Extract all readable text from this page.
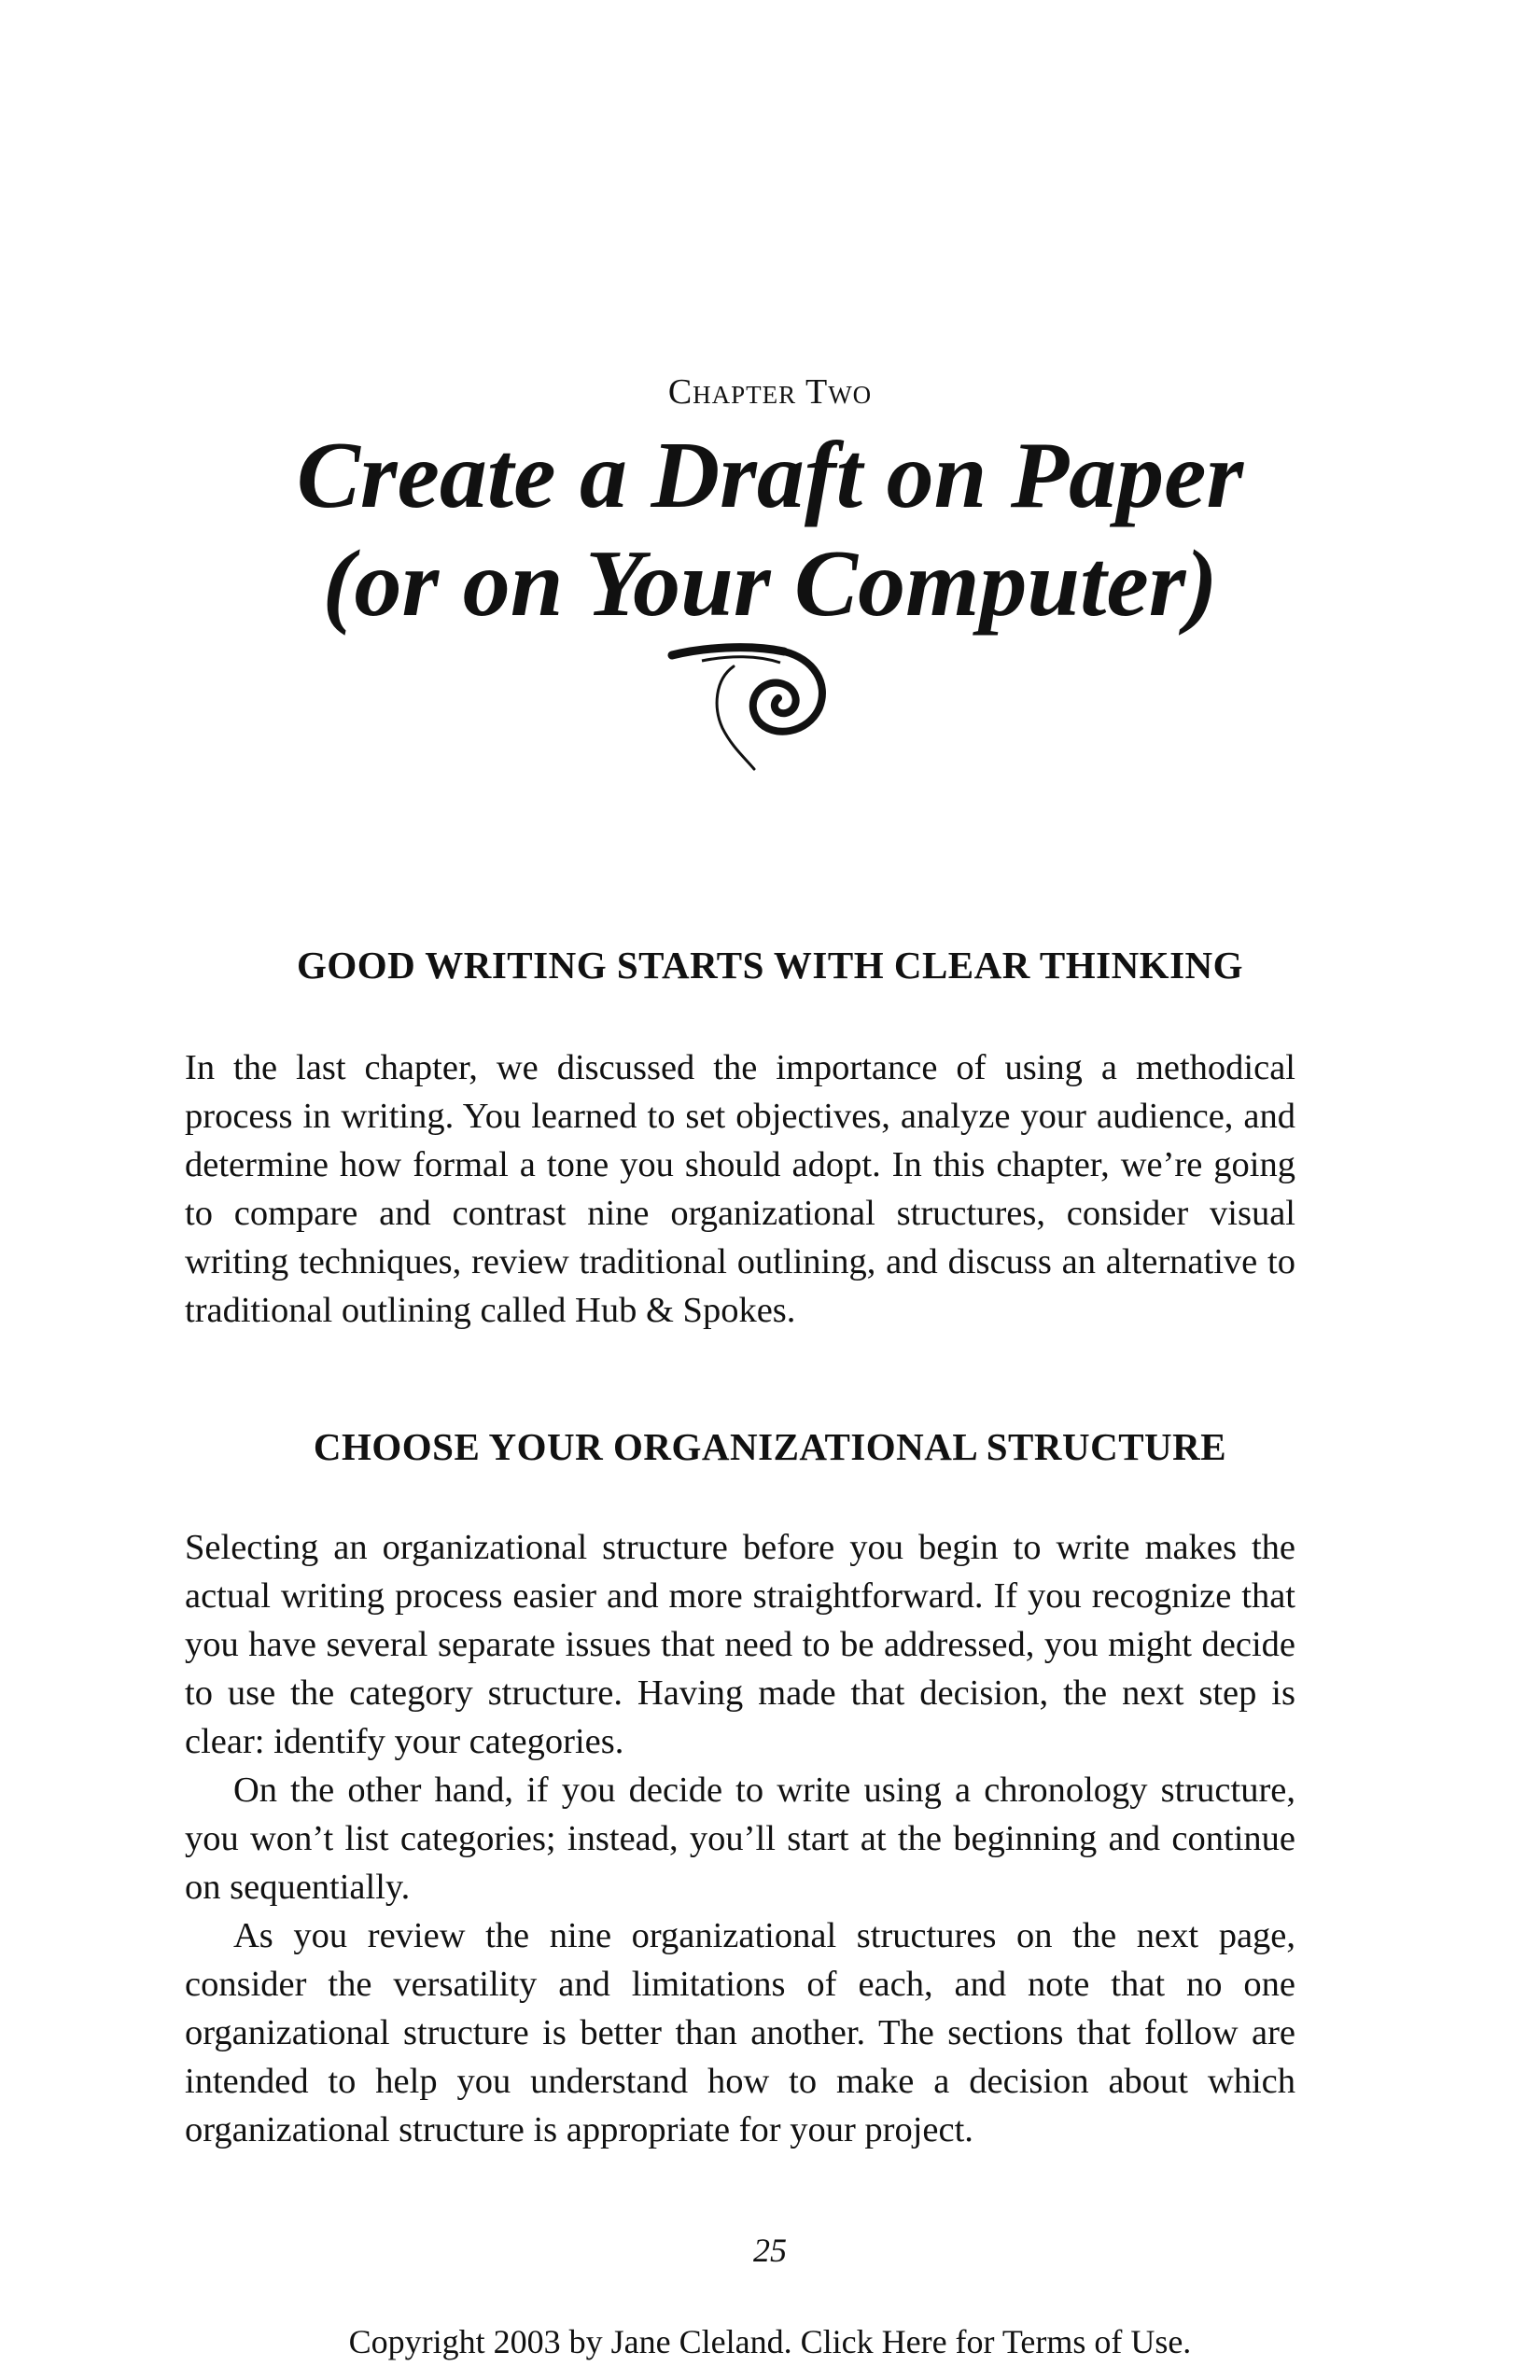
Chapter Two
Create a Draft on Paper
(or on Your Computer)
GOOD WRITING STARTS WITH CLEAR THINKING

In the last chapter, we discussed the importance of using a methodical process in writing. You learned to set objectives, analyze your audience, and determine how formal a tone you should adopt. In this chapter, we’re going to compare and contrast nine organizational structures, consider visual writing techniques, review traditional outlining, and discuss an alternative to traditional outlining called Hub & Spokes.

CHOOSE YOUR ORGANIZATIONAL STRUCTURE

Selecting an organizational structure before you begin to write makes the actual writing process easier and more straightforward. If you recognize that you have several separate issues that need to be addressed, you might decide to use the category structure. Having made that decision, the next step is clear: identify your categories.

On the other hand, if you decide to write using a chronology structure, you won’t list categories; instead, you’ll start at the beginning and continue on sequentially.

As you review the nine organizational structures on the next page, consider the versatility and limitations of each, and note that no one organizational structure is better than another. The sections that follow are intended to help you understand how to make a decision about which organizational structure is appropriate for your project.

25
Copyright 2003 by Jane Cleland. Click Here for Terms of Use.
